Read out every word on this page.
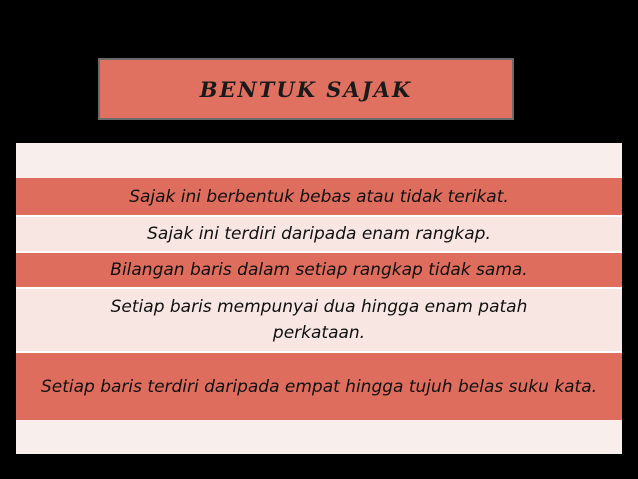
BENTUK SAJAK
Sajak ini berbentuk bebas atau tidak terikat.
Sajak ini terdiri daripada enam rangkap.
Bilangan baris dalam setiap rangkap tidak sama.
Setiap baris mempunyai dua hingga enam patah perkataan.
Setiap baris terdiri daripada empat hingga tujuh belas suku kata.
